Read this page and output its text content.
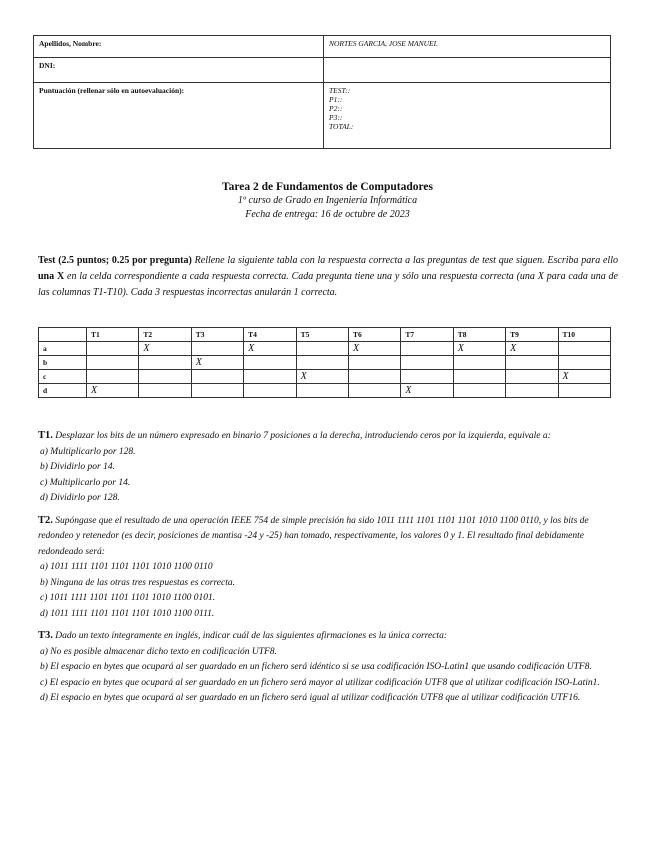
Apellidos, Nombre:	NORTES GARCIA, JOSE MANUEL
DNI:	
Puntuación (rellenar sólo en autoevaluación):	TEST::
P1::
P2::
P3::
TOTAL:
Tarea 2 de Fundamentos de Computadores
1º curso de Grado en Ingeniería Informática
Fecha de entrega: 16 de octubre de 2023
Test (2.5 puntos; 0.25 por pregunta) Rellene la siguiente tabla con la respuesta correcta a las preguntas de test que siguen. Escriba para ello una X en la celda correspondiente a cada respuesta correcta. Cada pregunta tiene una y sólo una respuesta correcta (una X para cada una de las columnas T1-T10). Cada 3 respuestas incorrectas anularán 1 correcta.
	T1	T2	T3	T4	T5	T6	T7	T8	T9	T10
a		X		X		X		X	X	
b			X							
c					X					X
d	X						X			
T1. Desplazar los bits de un número expresado en binario 7 posiciones a la derecha, introduciendo ceros por la izquierda, equivale a:
a) Multiplicarlo por 128.
b) Dividirlo por 14.
c) Multiplicarlo por 14.
d) Dividirlo por 128.
T2. Supóngase que el resultado de una operación IEEE 754 de simple precisión ha sido 1011 1111 1101 1101 1101 1010 1100 0110, y los bits de redondeo y retenedor (es decir, posiciones de mantisa -24 y -25) han tomado, respectivamente, los valores 0 y 1. El resultado final debidamente redondeado será:
a) 1011 1111 1101 1101 1101 1010 1100 0110
b) Ninguna de las otras tres respuestas es correcta.
c) 1011 1111 1101 1101 1101 1010 1100 0101.
d) 1011 1111 1101 1101 1101 1010 1100 0111.
T3. Dado un texto íntegramente en inglés, indicar cuál de las siguientes afirmaciones es la única correcta:
a) No es posible almacenar dicho texto en codificación UTF8.
b) El espacio en bytes que ocupará al ser guardado en un fichero será idéntico si se usa codificación ISO-Latin1 que usando codificación UTF8.
c) El espacio en bytes que ocupará al ser guardado en un fichero será mayor al utilizar codificación UTF8 que al utilizar codificación ISO-Latin1.
d) El espacio en bytes que ocupará al ser guardado en un fichero será igual al utilizar codificación UTF8 que al utilizar codificación UTF16.
